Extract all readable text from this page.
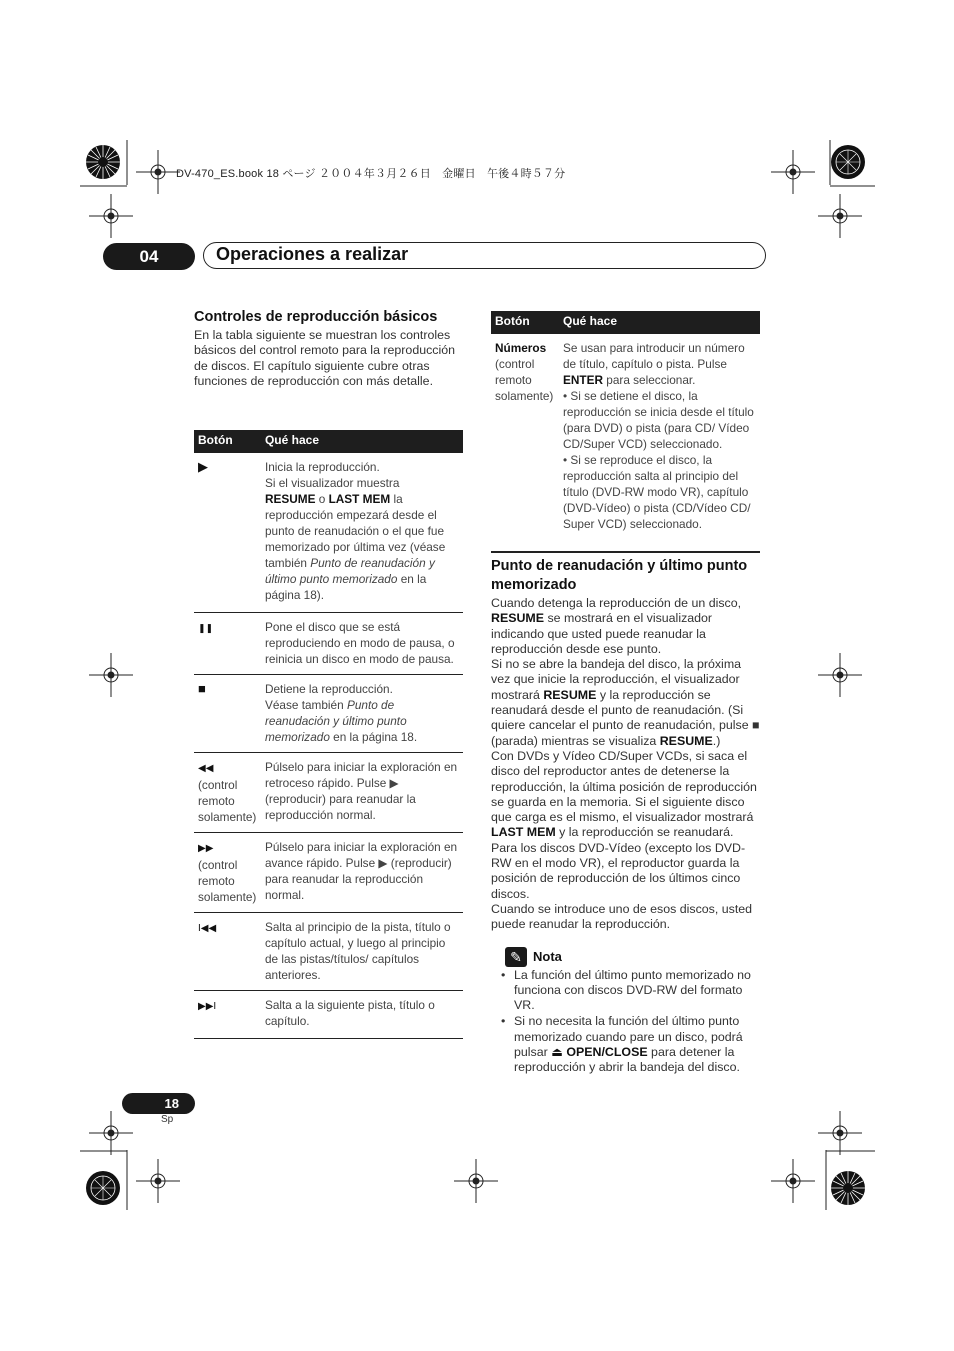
DV-470_ES.book 18 ページ ２００４年３月２６日　金曜日　午後４時５７分
04	Operaciones a realizar
Controles de reproducción básicos
En la tabla siguiente se muestran los controles básicos del control remoto para la reproducción de discos. El capítulo siguiente cubre otras funciones de reproducción con más detalle.
Botón	Qué hace
▶	Inicia la reproducción.
Si el visualizador muestra
RESUME o LAST MEM la reproducción empezará desde el punto de reanudación o el que fue memorizado por última vez (véase también Punto de reanudación y último punto memorizado en la página 18).
❚❚	Pone el disco que se está reproduciendo en modo de pausa, o reinicia un disco en modo de pausa.
■	Detiene la reproducción.
Véase también Punto de reanudación y último punto memorizado en la página 18.
◀◀
(control remoto solamente)	Púlselo para iniciar la exploración en retroceso rápido. Pulse ▶ (reproducir) para reanudar la reproducción normal.
▶▶
(control remoto solamente)	Púlselo para iniciar la exploración en avance rápido. Pulse ▶ (reproducir) para reanudar la reproducción normal.
I◀◀	Salta al principio de la pista, título o capítulo actual, y luego al principio de las pistas/títulos/ capítulos anteriores.
▶▶I	Salta a la siguiente pista, título o capítulo.
Botón	Qué hace
Números
(control remoto solamente)	Se usan para introducir un número de título, capítulo o pista. Pulse ENTER para seleccionar.
• Si se detiene el disco, la reproducción se inicia desde el título (para DVD) o pista (para CD/ Vídeo CD/Super VCD) seleccionado.
• Si se reproduce el disco, la reproducción salta al principio del título (DVD-RW modo VR), capítulo (DVD-Vídeo) o pista (CD/Vídeo CD/ Super VCD) seleccionado.
Punto de reanudación y último punto memorizado
Cuando detenga la reproducción de un disco, RESUME se mostrará en el visualizador indicando que usted puede reanudar la reproducción desde ese punto.
Si no se abre la bandeja del disco, la próxima vez que inicie la reproducción, el visualizador mostrará RESUME y la reproducción se reanudará desde el punto de reanudación. (Si quiere cancelar el punto de reanudación, pulse ■ (parada) mientras se visualiza RESUME.)
Con DVDs y Vídeo CD/Super VCDs, si saca el disco del reproductor antes de detenerse la reproducción, la última posición de reproducción se guarda en la memoria. Si el siguiente disco que carga es el mismo, el visualizador mostrará LAST MEM y la reproducción se reanudará. Para los discos DVD-Vídeo (excepto los DVD-RW en el modo VR), el reproductor guarda la posición de reproducción de los últimos cinco discos.
Cuando se introduce uno de esos discos, usted puede reanudar la reproducción.
✎ Nota
• La función del último punto memorizado no funciona con discos DVD-RW del formato VR.
• Si no necesita la función del último punto memorizado cuando pare un disco, podrá pulsar ⏏ OPEN/CLOSE para detener la reproducción y abrir la bandeja del disco.
18
Sp
